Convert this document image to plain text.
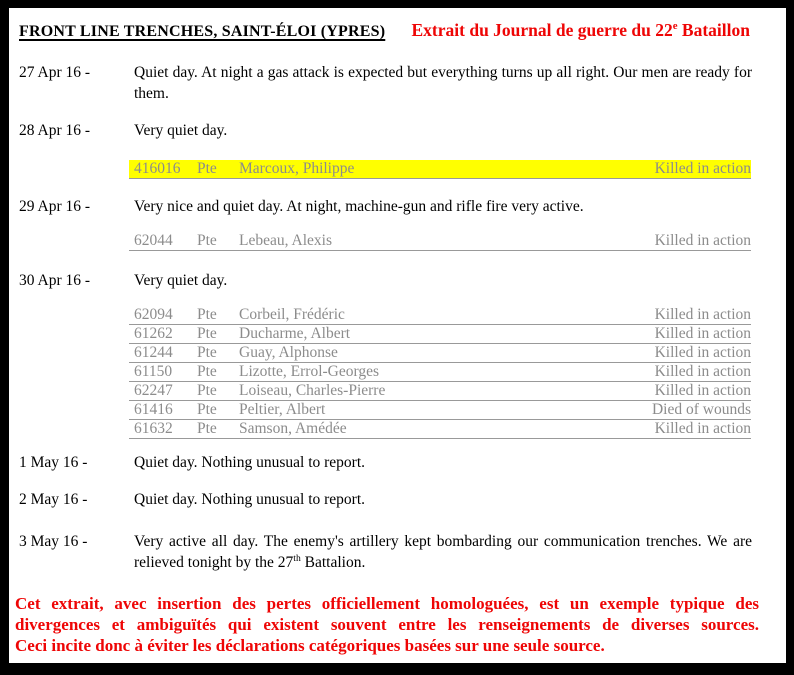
FRONT LINE TRENCHES, SAINT-ÉLOI (YPRES) Extrait du Journal de guerre du 22e Bataillon
27 Apr 16 -	Quiet day. At night a gas attack is expected but everything turns up all right. Our men are ready for
them.
28 Apr 16 -	Very quiet day.
416016	Pte	Marcoux, Philippe	Killed in action
29 Apr 16 -	Very nice and quiet day. At night, machine-gun and rifle fire very active.
62044	Pte	Lebeau, Alexis	Killed in action
30 Apr 16 -	Very quiet day.
62094	Pte	Corbeil, Frédéric	Killed in action
61262	Pte	Ducharme, Albert	Killed in action
61244	Pte	Guay, Alphonse	Killed in action
61150	Pte	Lizotte, Errol-Georges	Killed in action
62247	Pte	Loiseau, Charles-Pierre	Killed in action
61416	Pte	Peltier, Albert	Died of wounds
61632	Pte	Samson, Amédée	Killed in action
1 May 16 -	Quiet day. Nothing unusual to report.
2 May 16 -	Quiet day. Nothing unusual to report.
3 May 16 -	Very active all day. The enemy's artillery kept bombarding our communication trenches. We are
relieved tonight by the 27th Battalion.
Cet extrait, avec insertion des pertes officiellement homologuées, est un exemple typique des
divergences et ambiguïtés qui existent souvent entre les renseignements de diverses sources.
Ceci incite donc à éviter les déclarations catégoriques basées sur une seule source.
